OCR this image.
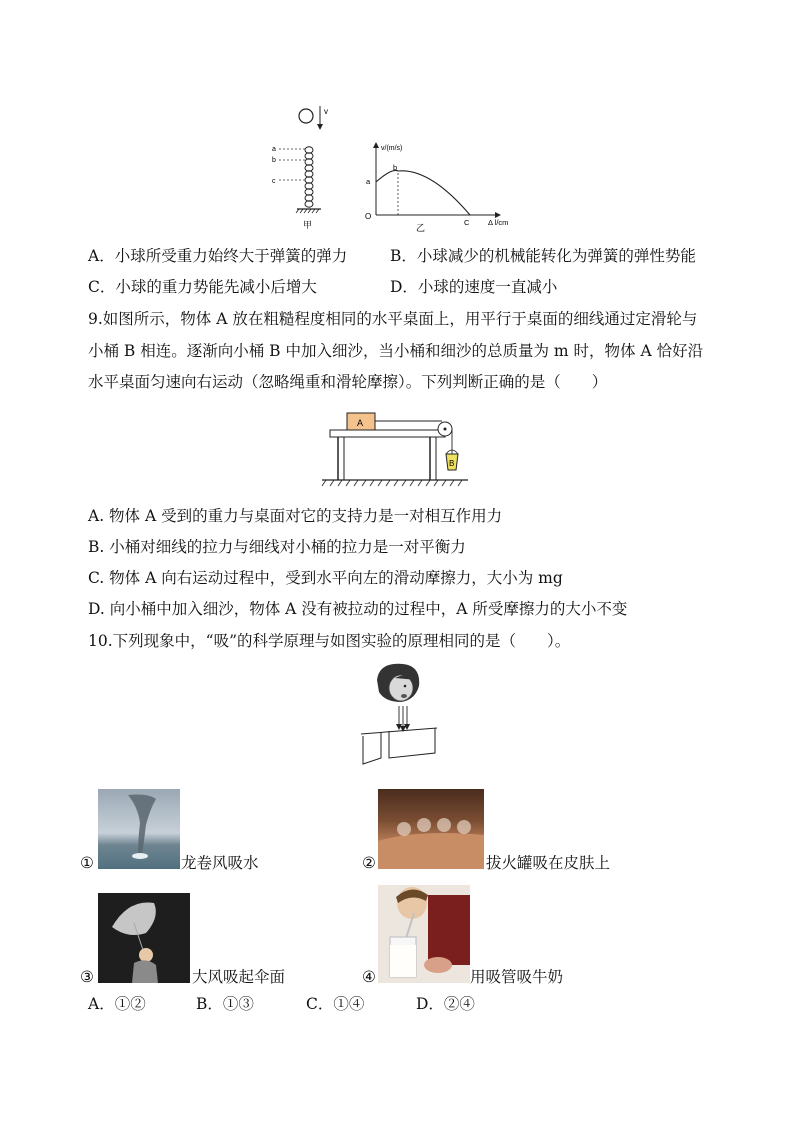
v
a
b
c
甲
v/(m/s)
a
b
O
C Δ l/cm
乙
A．小球所受重力始终大于弹簧的弹力	B．小球减少的机械能转化为弹簧的弹性势能
C．小球的重力势能先减小后增大	D．小球的速度一直减小
9.如图所示，物体 A 放在粗糙程度相同的水平桌面上，用平行于桌面的细线通过定滑轮与
小桶 B 相连。逐渐向小桶 B 中加入细沙，当小桶和细沙的总质量为 m 时，物体 A 恰好沿
水平桌面匀速向右运动（忽略绳重和滑轮摩擦）。下列判断正确的是（　　）
A
B
A. 物体 A 受到的重力与桌面对它的支持力是一对相互作用力
B. 小桶对细线的拉力与细线对小桶的拉力是一对平衡力
C. 物体 A 向右运动过程中，受到水平向左的滑动摩擦力，大小为 mg
D. 向小桶中加入细沙，物体 A 没有被拉动的过程中，A 所受摩擦力的大小不变
10.下列现象中，“吸”的科学原理与如图实验的原理相同的是（　　）。
①	龙卷风吸水	②	拔火罐吸在皮肤上
③	大风吸起伞面	④	用吸管吸牛奶
A．①②	B．①③	C．①④	D．②④
